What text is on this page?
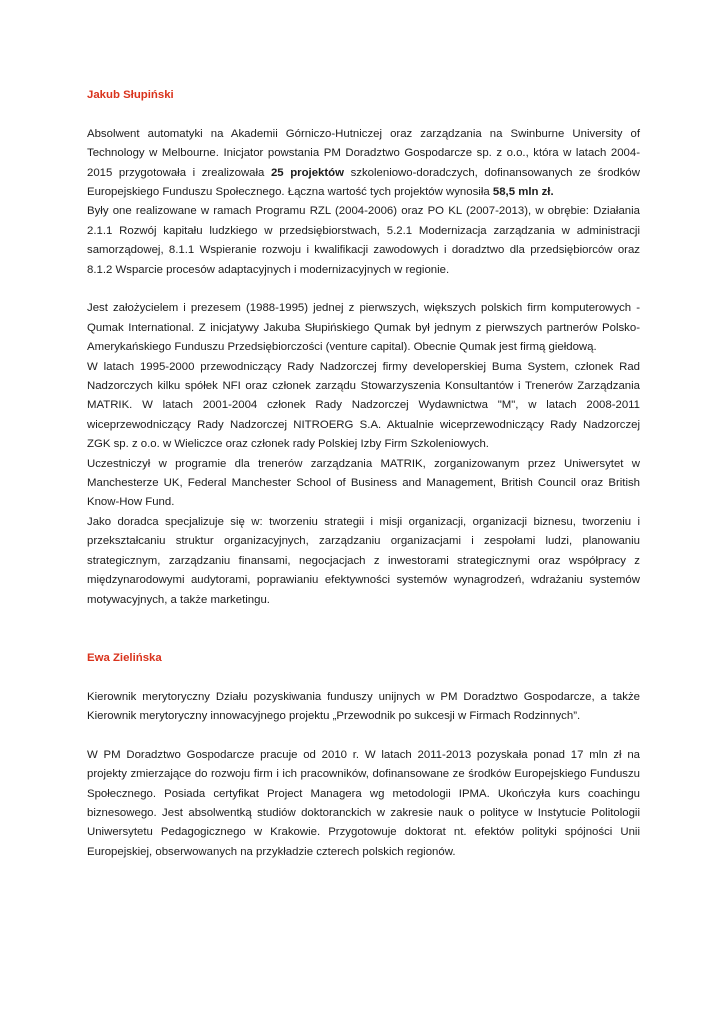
Jakub Słupiński

Absolwent automatyki na Akademii Górniczo-Hutniczej oraz zarządzania na Swinburne University of Technology w Melbourne. Inicjator powstania PM Doradztwo Gospodarcze sp. z o.o., która w latach 2004-2015 przygotowała i zrealizowała 25 projektów szkoleniowo-doradczych, dofinansowanych ze środków Europejskiego Funduszu Społecznego. Łączna wartość tych projektów wynosiła 58,5 mln zł.
Były one realizowane w ramach Programu RZL (2004-2006) oraz PO KL (2007-2013), w obrębie: Działania 2.1.1 Rozwój kapitału ludzkiego w przedsiębiorstwach, 5.2.1 Modernizacja zarządzania w administracji samorządowej, 8.1.1 Wspieranie rozwoju i kwalifikacji zawodowych i doradztwo dla przedsiębiorców oraz 8.1.2 Wsparcie procesów adaptacyjnych i modernizacyjnych w regionie.

Jest założycielem i prezesem (1988-1995) jednej z pierwszych, większych polskich firm komputerowych - Qumak International. Z inicjatywy Jakuba Słupińskiego Qumak był jednym z pierwszych partnerów Polsko-Amerykańskiego Funduszu Przedsiębiorczości (venture capital). Obecnie Qumak jest firmą giełdową.

W latach 1995-2000 przewodniczący Rady Nadzorczej firmy developerskiej Buma System, członek Rad Nadzorczych kilku spółek NFI oraz członek zarządu Stowarzyszenia Konsultantów i Trenerów Zarządzania MATRIK. W latach 2001-2004 członek Rady Nadzorczej Wydawnictwa "M", w latach 2008-2011 wiceprzewodniczący Rady Nadzorczej NITROERG S.A. Aktualnie wiceprzewodniczący Rady Nadzorczej ZGK sp. z o.o. w Wieliczce oraz członek rady Polskiej Izby Firm Szkoleniowych.

Uczestniczył w programie dla trenerów zarządzania MATRIK, zorganizowanym przez Uniwersytet w Manchesterze UK, Federal Manchester School of Business and Management, British Council oraz British Know-How Fund.

Jako doradca specjalizuje się w: tworzeniu strategii i misji organizacji, organizacji biznesu, tworzeniu i przekształcaniu struktur organizacyjnych, zarządzaniu organizacjami i zespołami ludzi, planowaniu strategicznym, zarządzaniu finansami, negocjacjach z inwestorami strategicznymi oraz współpracy z międzynarodowymi audytorami, poprawianiu efektywności systemów wynagrodzeń, wdrażaniu systemów motywacyjnych, a także marketingu.

Ewa Zielińska

Kierownik merytoryczny Działu pozyskiwania funduszy unijnych w PM Doradztwo Gospodarcze, a także Kierownik merytoryczny innowacyjnego projektu „Przewodnik po sukcesji w Firmach Rodzinnych”.

W PM Doradztwo Gospodarcze pracuje od 2010 r. W latach 2011-2013 pozyskała ponad 17 mln zł na projekty zmierzające do rozwoju firm i ich pracowników, dofinansowane ze środków Europejskiego Funduszu Społecznego. Posiada certyfikat Project Managera wg metodologii IPMA. Ukończyła kurs coachingu biznesowego. Jest absolwentką studiów doktoranckich w zakresie nauk o polityce w Instytucie Politologii Uniwersytetu Pedagogicznego w Krakowie. Przygotowuje doktorat nt. efektów polityki spójności Unii Europejskiej, obserwowanych na przykładzie czterech polskich regionów.
